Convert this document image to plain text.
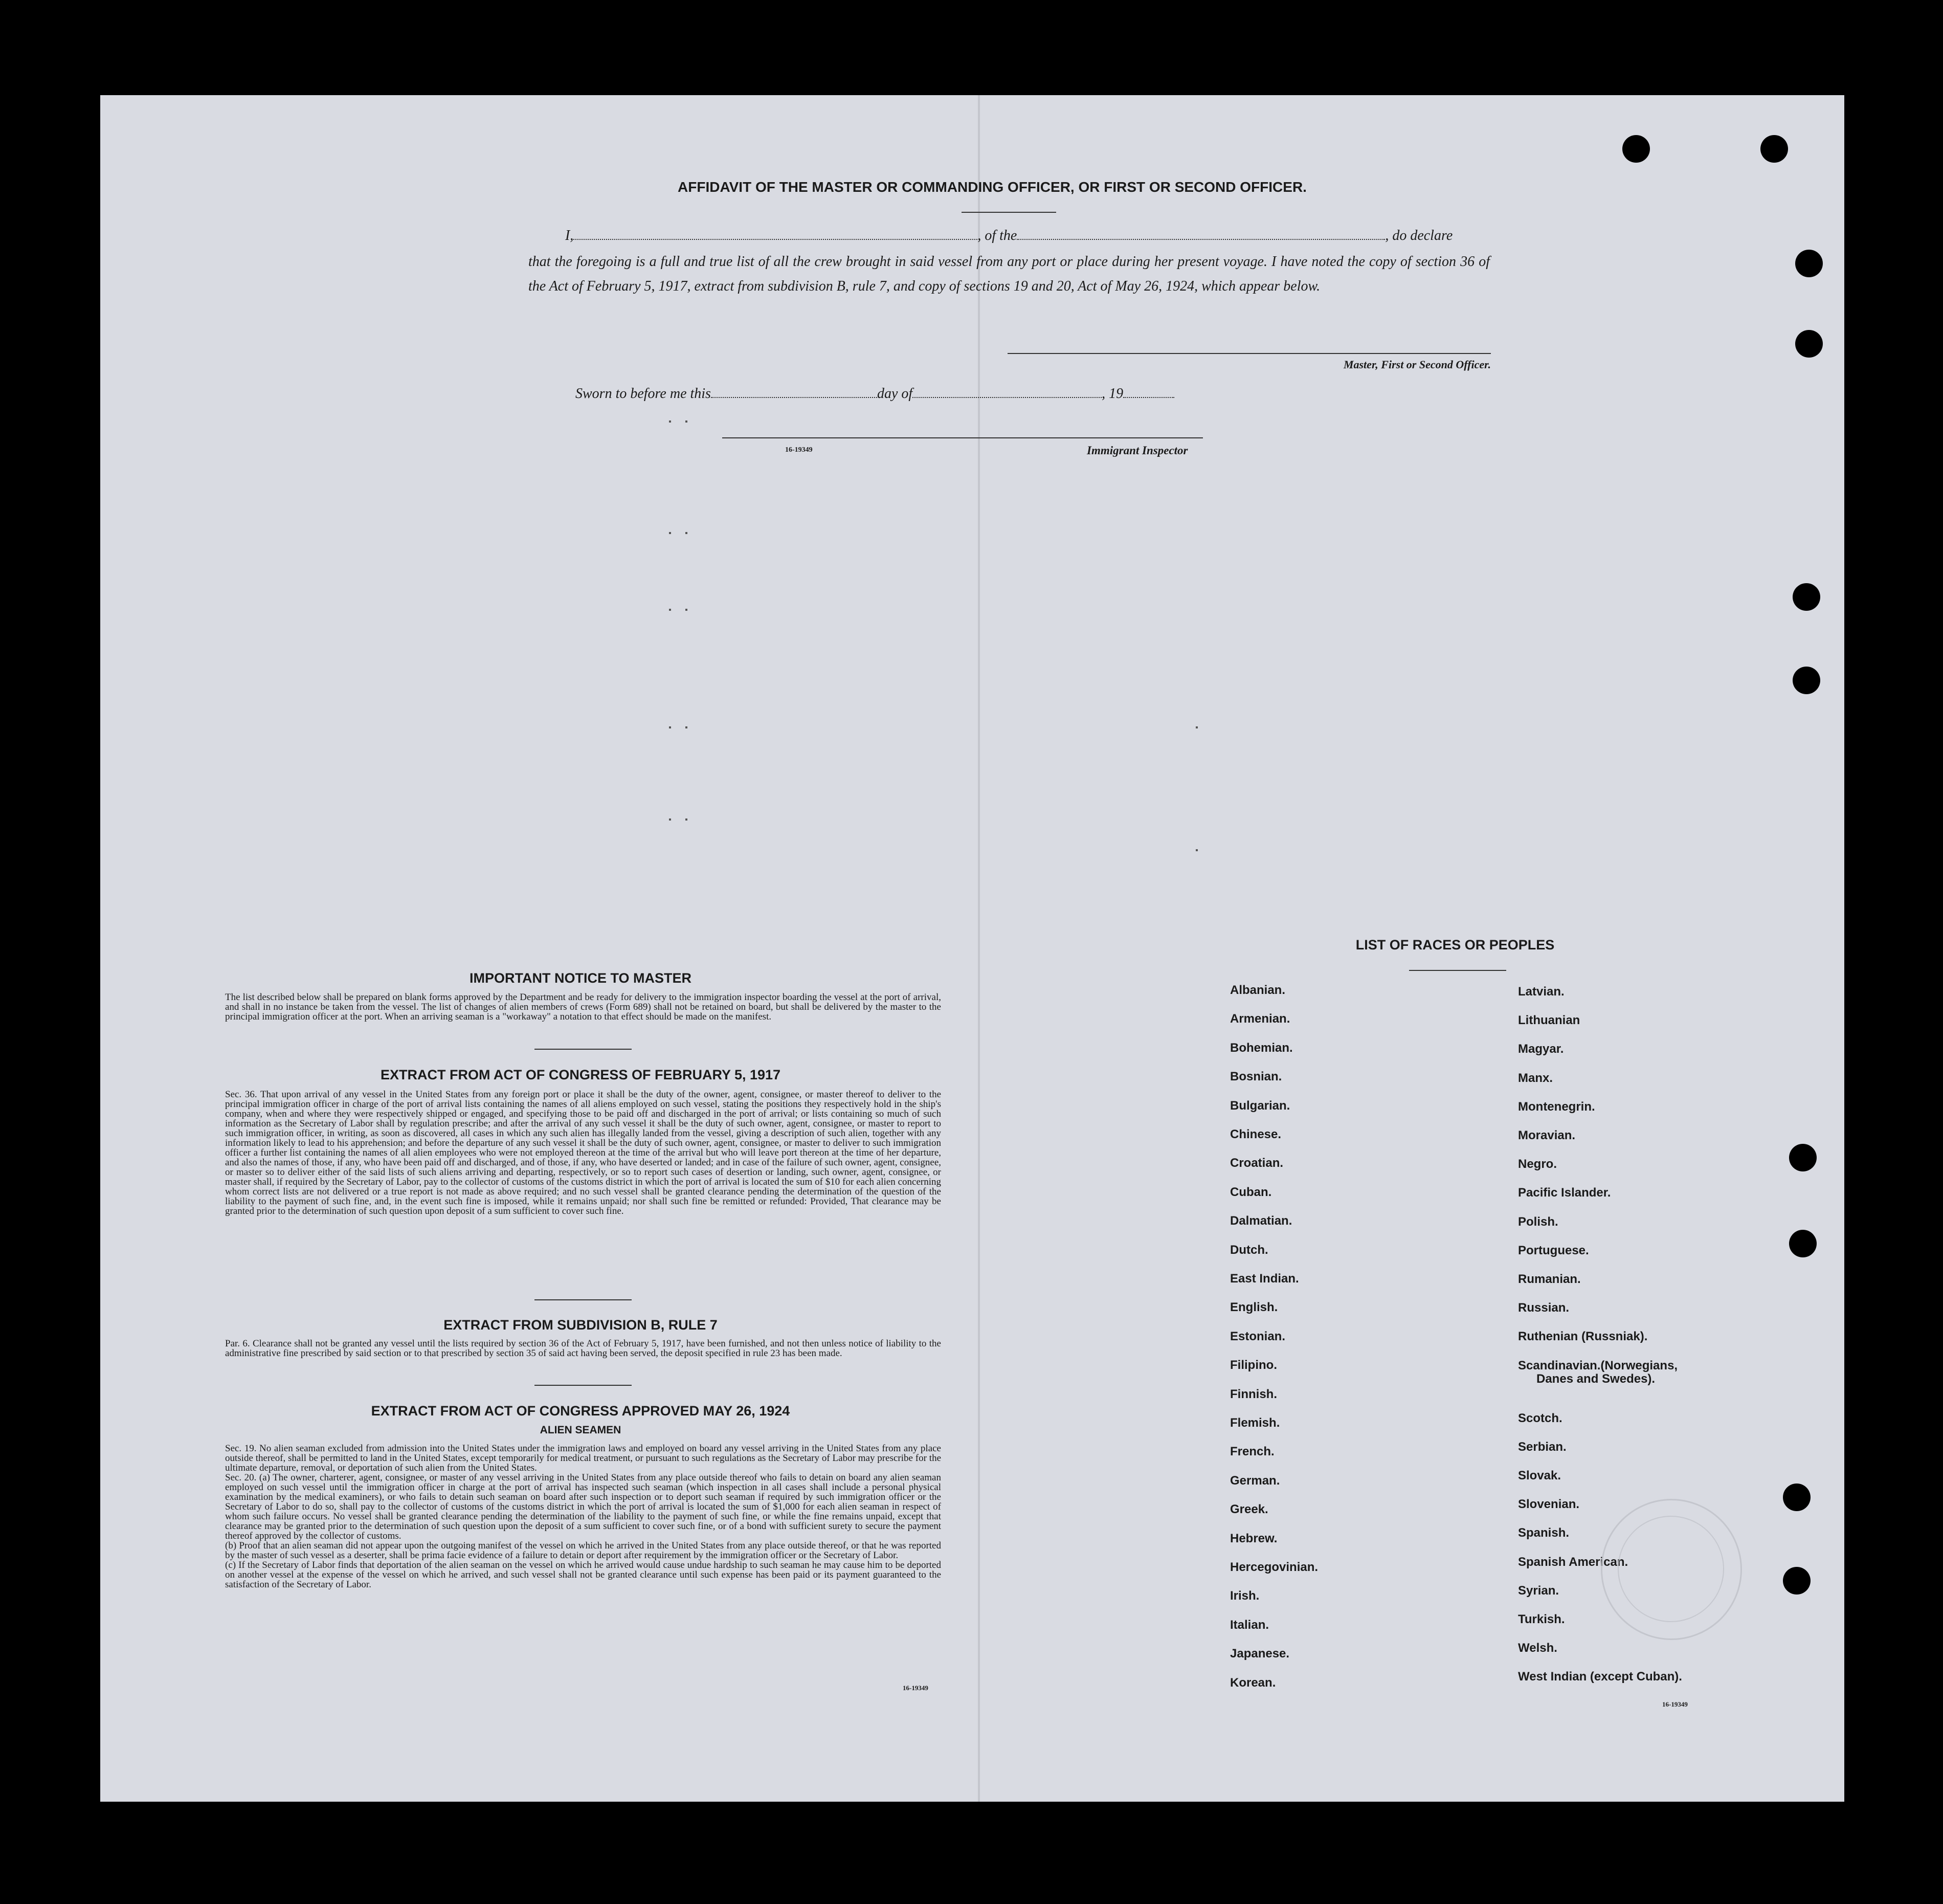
AFFIDAVIT OF THE MASTER OR COMMANDING OFFICER, OR FIRST OR SECOND OFFICER.
I,	, of the	, do declare
that the foregoing is a full and true list of all the crew brought in said vessel from any port or place during her present voyage. I have noted the copy of section 36 of the Act of February 5, 1917, extract from subdivision B, rule 7, and copy of sections 19 and 20, Act of May 26, 1924, which appear below.
Master, First or Second Officer.
Sworn to before me this	day of	, 19
16-19349	Immigrant Inspector
IMPORTANT NOTICE TO MASTER
The list described below shall be prepared on blank forms approved by the Department and be ready for delivery to the immigration inspector boarding the vessel at the port of arrival, and shall in no instance be taken from the vessel. The list of changes of alien members of crews (Form 689) shall not be retained on board, but shall be delivered by the master to the principal immigration officer at the port. When an arriving seaman is a "workaway" a notation to that effect should be made on the manifest.
EXTRACT FROM ACT OF CONGRESS OF FEBRUARY 5, 1917
Sec. 36. That upon arrival of any vessel in the United States from any foreign port or place it shall be the duty of the owner, agent, consignee, or master thereof to deliver to the principal immigration officer in charge of the port of arrival lists containing the names of all aliens employed on such vessel, stating the positions they respectively hold in the ship's company, when and where they were respectively shipped or engaged, and specifying those to be paid off and discharged in the port of arrival; or lists containing so much of such information as the Secretary of Labor shall by regulation prescribe; and after the arrival of any such vessel it shall be the duty of such owner, agent, consignee, or master to report to such immigration officer, in writing, as soon as discovered, all cases in which any such alien has illegally landed from the vessel, giving a description of such alien, together with any information likely to lead to his apprehension; and before the departure of any such vessel it shall be the duty of such owner, agent, consignee, or master to deliver to such immigration officer a further list containing the names of all alien employees who were not employed thereon at the time of the arrival but who will leave port thereon at the time of her departure, and also the names of those, if any, who have been paid off and discharged, and of those, if any, who have deserted or landed; and in case of the failure of such owner, agent, consignee, or master so to deliver either of the said lists of such aliens arriving and departing, respectively, or so to report such cases of desertion or landing, such owner, agent, consignee, or master shall, if required by the Secretary of Labor, pay to the collector of customs of the customs district in which the port of arrival is located the sum of $10 for each alien concerning whom correct lists are not delivered or a true report is not made as above required; and no such vessel shall be granted clearance pending the determination of the question of the liability to the payment of such fine, and, in the event such fine is imposed, while it remains unpaid; nor shall such fine be remitted or refunded: Provided, That clearance may be granted prior to the determination of such question upon deposit of a sum sufficient to cover such fine.
EXTRACT FROM SUBDIVISION B, RULE 7
Par. 6. Clearance shall not be granted any vessel until the lists required by section 36 of the Act of February 5, 1917, have been furnished, and not then unless notice of liability to the administrative fine prescribed by said section or to that prescribed by section 35 of said act having been served, the deposit specified in rule 23 has been made.
EXTRACT FROM ACT OF CONGRESS APPROVED MAY 26, 1924
ALIEN SEAMEN
Sec. 19. No alien seaman excluded from admission into the United States under the immigration laws and employed on board any vessel arriving in the United States from any place outside thereof, shall be permitted to land in the United States, except temporarily for medical treatment, or pursuant to such regulations as the Secretary of Labor may prescribe for the ultimate departure, removal, or deportation of such alien from the United States.
Sec. 20. (a) The owner, charterer, agent, consignee, or master of any vessel arriving in the United States from any place outside thereof who fails to detain on board any alien seaman employed on such vessel until the immigration officer in charge at the port of arrival has inspected such seaman (which inspection in all cases shall include a personal physical examination by the medical examiners), or who fails to detain such seaman on board after such inspection or to deport such seaman if required by such immigration officer or the Secretary of Labor to do so, shall pay to the collector of customs of the customs district in which the port of arrival is located the sum of $1,000 for each alien seaman in respect of whom such failure occurs. No vessel shall be granted clearance pending the determination of the liability to the payment of such fine, or while the fine remains unpaid, except that clearance may be granted prior to the determination of such question upon the deposit of a sum sufficient to cover such fine, or of a bond with sufficient surety to secure the payment thereof approved by the collector of customs.
(b) Proof that an alien seaman did not appear upon the outgoing manifest of the vessel on which he arrived in the United States from any place outside thereof, or that he was reported by the master of such vessel as a deserter, shall be prima facie evidence of a failure to detain or deport after requirement by the immigration officer or the Secretary of Labor.
(c) If the Secretary of Labor finds that deportation of the alien seaman on the vessel on which he arrived would cause undue hardship to such seaman he may cause him to be deported on another vessel at the expense of the vessel on which he arrived, and such vessel shall not be granted clearance until such expense has been paid or its payment guaranteed to the satisfaction of the Secretary of Labor.
16-19349
LIST OF RACES OR PEOPLES
Albanian.
Armenian.
Bohemian.
Bosnian.
Bulgarian.
Chinese.
Croatian.
Cuban.
Dalmatian.
Dutch.
East Indian.
English.
Estonian.
Filipino.
Finnish.
Flemish.
French.
German.
Greek.
Hebrew.
Hercegovinian.
Irish.
Italian.
Japanese.
Korean.
Latvian.
Lithuanian
Magyar.
Manx.
Montenegrin.
Moravian.
Negro.
Pacific Islander.
Polish.
Portuguese.
Rumanian.
Russian.
Ruthenian (Russniak).
Scandinavian.(Norwegians,
Danes and Swedes).
Scotch.
Serbian.
Slovak.
Slovenian.
Spanish.
Spanish American.
Syrian.
Turkish.
Welsh.
West Indian (except Cuban).
16-19349
